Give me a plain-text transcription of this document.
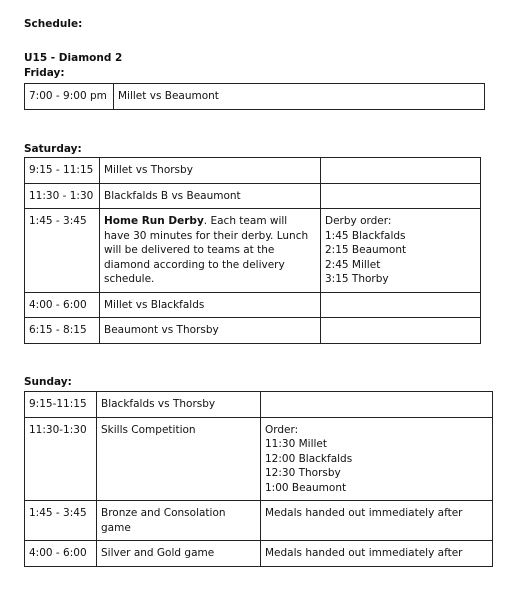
Schedule:
U15 - Diamond 2
Friday:
7:00 - 9:00 pm	Millet vs Beaumont
Saturday:
9:15 - 11:15	Millet vs Thorsby	
11:30 - 1:30	Blackfalds B vs Beaumont	
1:45 - 3:45	Home Run Derby. Each team will have 30 minutes for their derby. Lunch will be delivered to teams at the diamond according to the delivery schedule.	Derby order:
1:45 Blackfalds
2:15 Beaumont
2:45 Millet
3:15 Thorby

4:00 - 6:00	Millet vs Blackfalds	
6:15 - 8:15	Beaumont vs Thorsby	
Sunday:
9:15-11:15	Blackfalds vs Thorsby	
11:30-1:30	Skills Competition	Order:
11:30 Millet
12:00 Blackfalds
12:30 Thorsby
1:00 Beaumont

1:45 - 3:45	Bronze and Consolation game	Medals handed out immediately after
4:00 - 6:00	Silver and Gold game	Medals handed out immediately after
